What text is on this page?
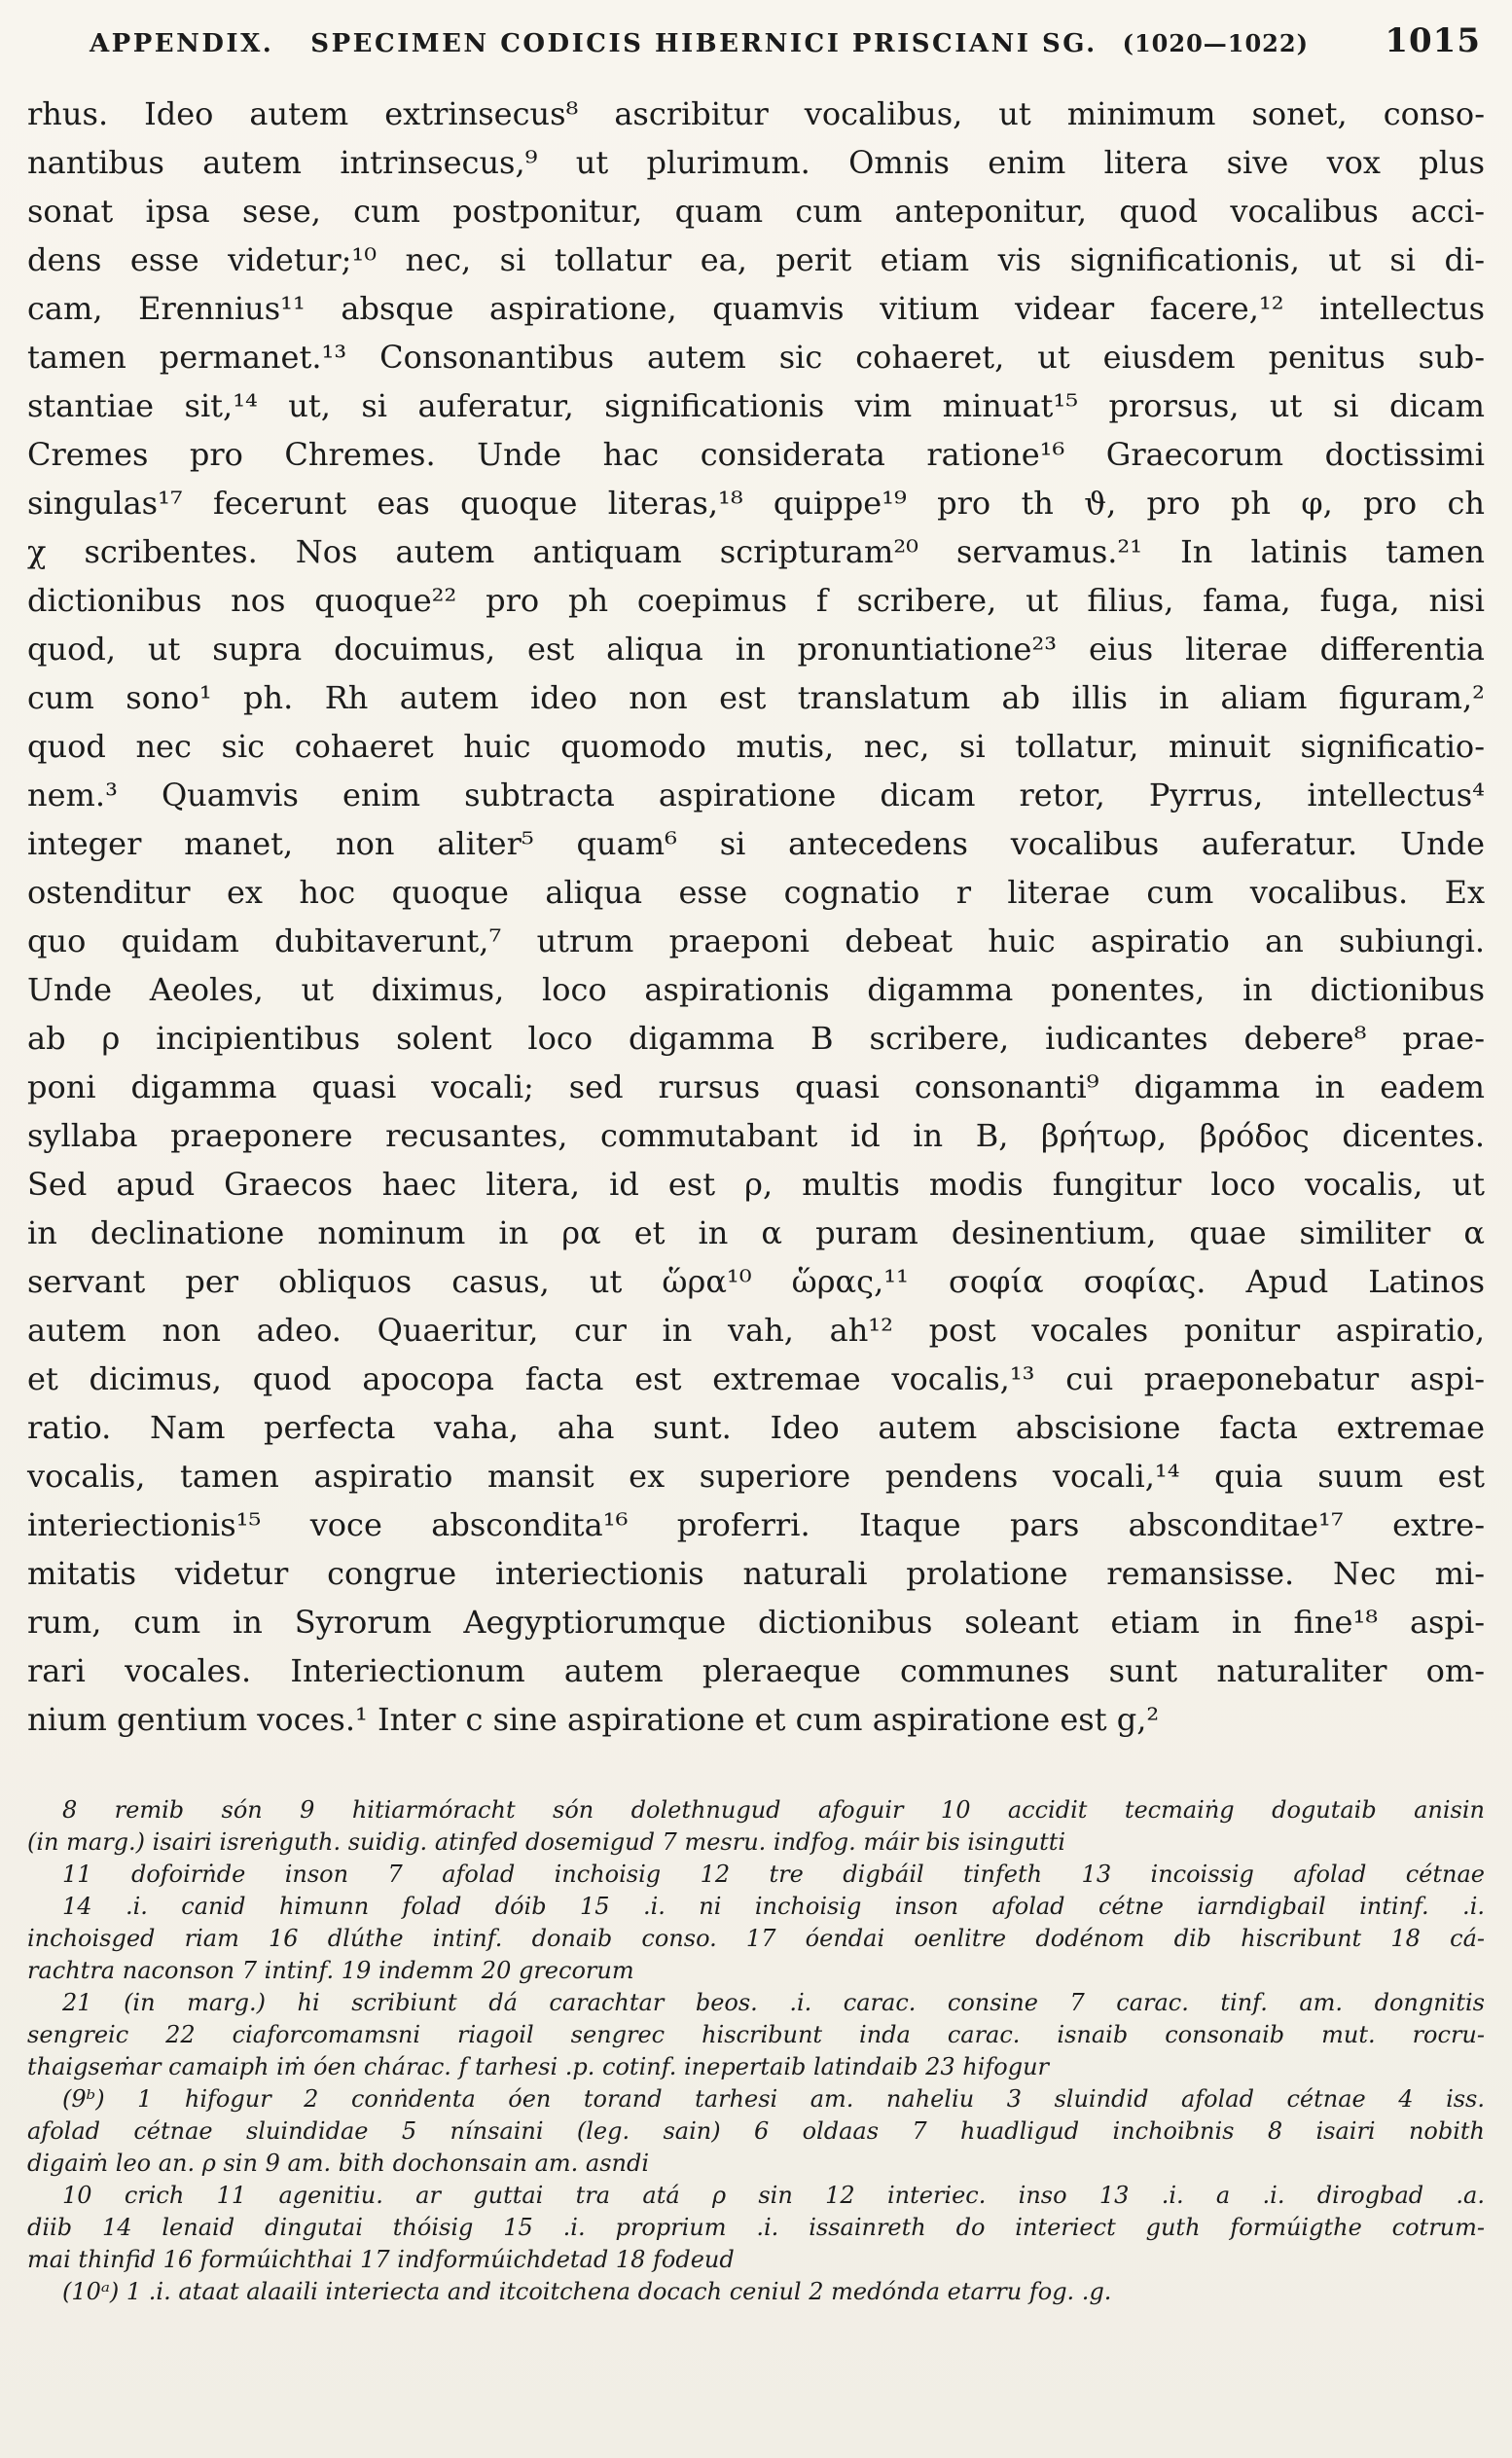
APPENDIX. SPECIMEN CODICIS HIBERNICI PRISCIANI SG. (1020—1022) 1015
rhus. Ideo autem extrinsecus⁸ ascribitur vocalibus, ut minimum sonet, conso-
nantibus autem intrinsecus,⁹ ut plurimum. Omnis enim litera sive vox plus
sonat ipsa sese, cum postponitur, quam cum anteponitur, quod vocalibus acci-
dens esse videtur;¹⁰ nec, si tollatur ea, perit etiam vis significationis, ut si di-
cam, Erennius¹¹ absque aspiratione, quamvis vitium videar facere,¹² intellectus
tamen permanet.¹³ Consonantibus autem sic cohaeret, ut eiusdem penitus sub-
stantiae sit,¹⁴ ut, si auferatur, significationis vim minuat¹⁵ prorsus, ut si dicam
Cremes pro Chremes. Unde hac considerata ratione¹⁶ Graecorum doctissimi
singulas¹⁷ fecerunt eas quoque literas,¹⁸ quippe¹⁹ pro th ϑ, pro ph φ, pro ch
χ scribentes. Nos autem antiquam scripturam²⁰ servamus.²¹ In latinis tamen
dictionibus nos quoque²² pro ph coepimus f scribere, ut filius, fama, fuga, nisi
quod, ut supra docuimus, est aliqua in pronuntiatione²³ eius literae differentia
cum sono¹ ph. Rh autem ideo non est translatum ab illis in aliam figuram,²
quod nec sic cohaeret huic quomodo mutis, nec, si tollatur, minuit significatio-
nem.³ Quamvis enim subtracta aspiratione dicam retor, Pyrrus, intellectus⁴
integer manet, non aliter⁵ quam⁶ si antecedens vocalibus auferatur. Unde
ostenditur ex hoc quoque aliqua esse cognatio r literae cum vocalibus. Ex
quo quidam dubitaverunt,⁷ utrum praeponi debeat huic aspiratio an subiungi.
Unde Aeoles, ut diximus, loco aspirationis digamma ponentes, in dictionibus
ab ρ incipientibus solent loco digamma B scribere, iudicantes debere⁸ prae-
poni digamma quasi vocali; sed rursus quasi consonanti⁹ digamma in eadem
syllaba praeponere recusantes, commutabant id in B, βρήτωρ, βρόδος dicentes.
Sed apud Graecos haec litera, id est ρ, multis modis fungitur loco vocalis, ut
in declinatione nominum in ρα et in α puram desinentium, quae similiter α
servant per obliquos casus, ut ὥρα¹⁰ ὥρας,¹¹ σοφία σοφίας. Apud Latinos
autem non adeo. Quaeritur, cur in vah, ah¹² post vocales ponitur aspiratio,
et dicimus, quod apocopa facta est extremae vocalis,¹³ cui praeponebatur aspi-
ratio. Nam perfecta vaha, aha sunt. Ideo autem abscisione facta extremae
vocalis, tamen aspiratio mansit ex superiore pendens vocali,¹⁴ quia suum est
interiectionis¹⁵ voce abscondita¹⁶ proferri. Itaque pars absconditae¹⁷ extre-
mitatis videtur congrue interiectionis naturali prolatione remansisse. Nec mi-
rum, cum in Syrorum Aegyptiorumque dictionibus soleant etiam in fine¹⁸ aspi-
rari vocales. Interiectionum autem pleraeque communes sunt naturaliter om-
nium gentium voces.¹ Inter c sine aspiratione et cum aspiratione est g,²
8 remib són 9 hitiarmóracht són dolethnugud afoguir 10 accidit tecmaiṅg dogutaib anisin
(in marg.) isairi isreṅguth. suidig. atinfed dosemigud 7 mesru. indfog. máir bis isingutti
11 dofoirṅde inson 7 afolad inchoisig 12 tre digbáil tinfeth 13 incoissig afolad cétnae
14 .i. canid himunn folad dóib 15 .i. ni inchoisig inson afolad cétne iarndigbail intinf. .i.
inchoisged riam 16 dlúthe intinf. donaib conso. 17 óendai oenlitre dodénom dib hiscribunt 18 cá-
rachtra naconson 7 intinf. 19 indemm 20 grecorum
21 (in marg.) hi scribiunt dá carachtar beos. .i. carac. consine 7 carac. tinf. am. dongnitis
sengreic 22 ciaforcomamsni riagoil sengrec hiscribunt inda carac. isnaib consonaib mut. rocru-
thaigseṁar camaiph iṁ óen chárac. f tarhesi .p. cotinf. inepertaib latindaib 23 hifogur
(9ᵇ) 1 hifogur 2 conṅdenta óen torand tarhesi am. naheliu 3 sluindid afolad cétnae 4 iss.
afolad cétnae sluindidae 5 nínsaini (leg. sain) 6 oldaas 7 huadligud inchoibnis 8 isairi nobith
digaiṁ leo an. ρ sin 9 am. bith dochonsain am. asndi
10 crich 11 agenitiu. ar guttai tra atá ρ sin 12 interiec. inso 13 .i. a .i. dirogbad .a.
diib 14 lenaid dingutai thóisig 15 .i. proprium .i. issainreth do interiect guth formúigthe cotrum-
mai thinfid 16 formúichthai 17 indformúichdetad 18 fodeud
(10ᵃ) 1 .i. ataat alaaili interiecta and itcoitchena docach ceniul 2 medónda etarru fog. .g.
